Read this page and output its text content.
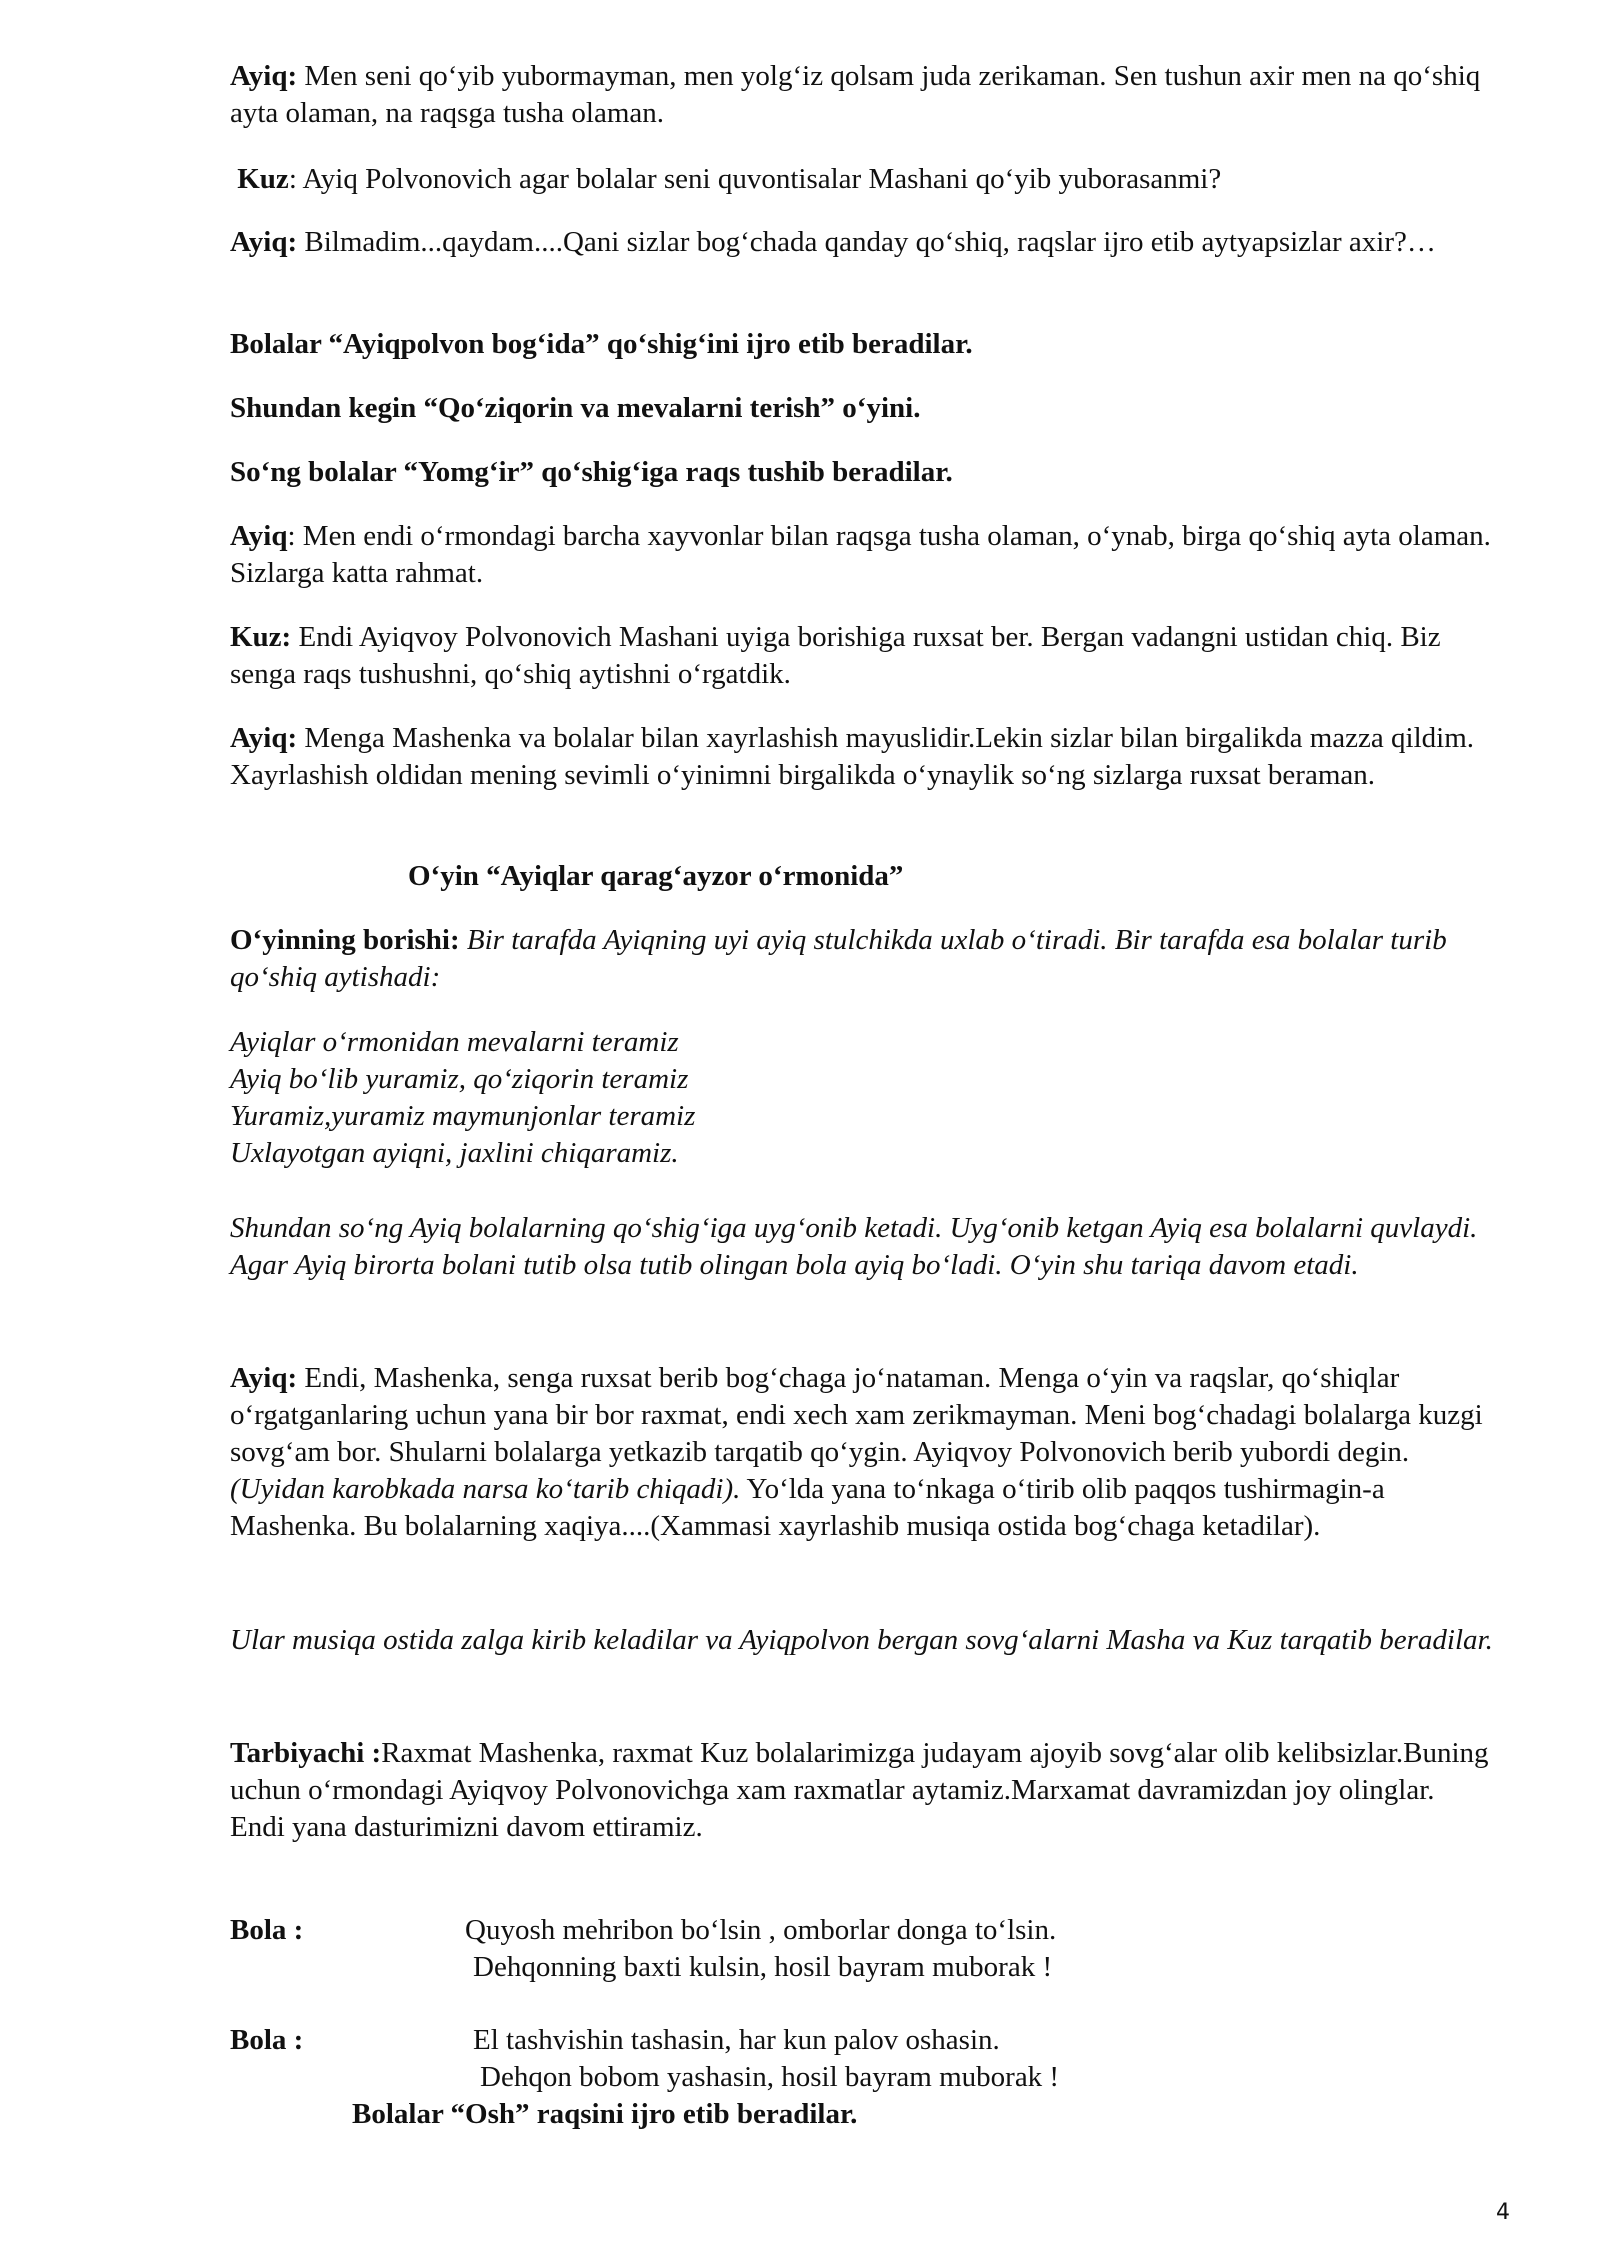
Ayiq: Men seni qo‘yib yubormayman, men yolg‘iz qolsam juda zerikaman. Sen tushun axir men na qo‘shiq ayta olaman, na raqsga tusha olaman.

Kuz: Ayiq Polvonovich agar bolalar seni quvontisalar Mashani qo‘yib yuborasanmi?

Ayiq: Bilmadim...qaydam....Qani sizlar bog‘chada qanday qo‘shiq, raqslar ijro etib aytyapsizlar axir?…

Bolalar “Ayiqpolvon bog‘ida” qo‘shig‘ini ijro etib beradilar.

Shundan kegin “Qo‘ziqorin va mevalarni terish” o‘yini.

So‘ng bolalar “Yomg‘ir” qo‘shig‘iga raqs tushib beradilar.

Ayiq: Men endi o‘rmondagi barcha xayvonlar bilan raqsga tusha olaman, o‘ynab, birga qo‘shiq ayta olaman. Sizlarga katta rahmat.

Kuz: Endi Ayiqvoy Polvonovich Mashani uyiga borishiga ruxsat ber. Bergan vadangni ustidan chiq. Biz senga raqs tushushni, qo‘shiq aytishni o‘rgatdik.

Ayiq: Menga Mashenka va bolalar bilan xayrlashish mayuslidir.Lekin sizlar bilan birgalikda mazza qildim. Xayrlashish oldidan mening sevimli o‘yinimni birgalikda o‘ynaylik so‘ng sizlarga ruxsat beraman.

O‘yin “Ayiqlar qarag‘ayzor o‘rmonida”

O‘yinning borishi: Bir tarafda Ayiqning uyi ayiq stulchikda uxlab o‘tiradi. Bir tarafda esa bolalar turib qo‘shiq aytishadi:

Ayiqlar o‘rmonidan mevalarni teramiz
Ayiq bo‘lib yuramiz, qo‘ziqorin teramiz
Yuramiz,yuramiz maymunjonlar teramiz
Uxlayotgan ayiqni, jaxlini chiqaramiz.

Shundan so‘ng Ayiq bolalarning qo‘shig‘iga uyg‘onib ketadi. Uyg‘onib ketgan Ayiq esa bolalarni quvlaydi. Agar Ayiq birorta bolani tutib olsa tutib olingan bola ayiq bo‘ladi. O‘yin shu tariqa davom etadi.

Ayiq: Endi, Mashenka, senga ruxsat berib bog‘chaga jo‘nataman. Menga o‘yin va raqslar, qo‘shiqlar o‘rgatganlaring uchun yana bir bor raxmat, endi xech xam zerikmayman. Meni bog‘chadagi bolalarga kuzgi sovg‘am bor. Shularni bolalarga yetkazib tarqatib qo‘ygin. Ayiqvoy Polvonovich berib yubordi degin. (Uyidan karobkada narsa ko‘tarib chiqadi). Yo‘lda yana to‘nkaga o‘tirib olib paqqos tushirmagin-a Mashenka. Bu bolalarning xaqiya....(Xammasi xayrlashib musiqa ostida bog‘chaga ketadilar).

Ular musiqa ostida zalga kirib keladilar va Ayiqpolvon bergan sovg‘alarni Masha va Kuz tarqatib beradilar.

Tarbiyachi :Raxmat Mashenka, raxmat Kuz bolalarimizga judayam ajoyib sovg‘alar olib kelibsizlar.Buning uchun o‘rmondagi Ayiqvoy Polvonovichga xam raxmatlar aytamiz.Marxamat davramizdan joy olinglar. Endi yana dasturimizni davom ettiramiz.

Bola :	Quyosh mehribon bo‘lsin , omborlar donga to‘lsin.
Dehqonning baxti kulsin, hosil bayram muborak !
Bola :	El tashvishin tashasin, har kun palov oshasin.
Dehqon bobom yashasin, hosil bayram muborak !
Bolalar “Osh” raqsini ijro etib beradilar.
4
